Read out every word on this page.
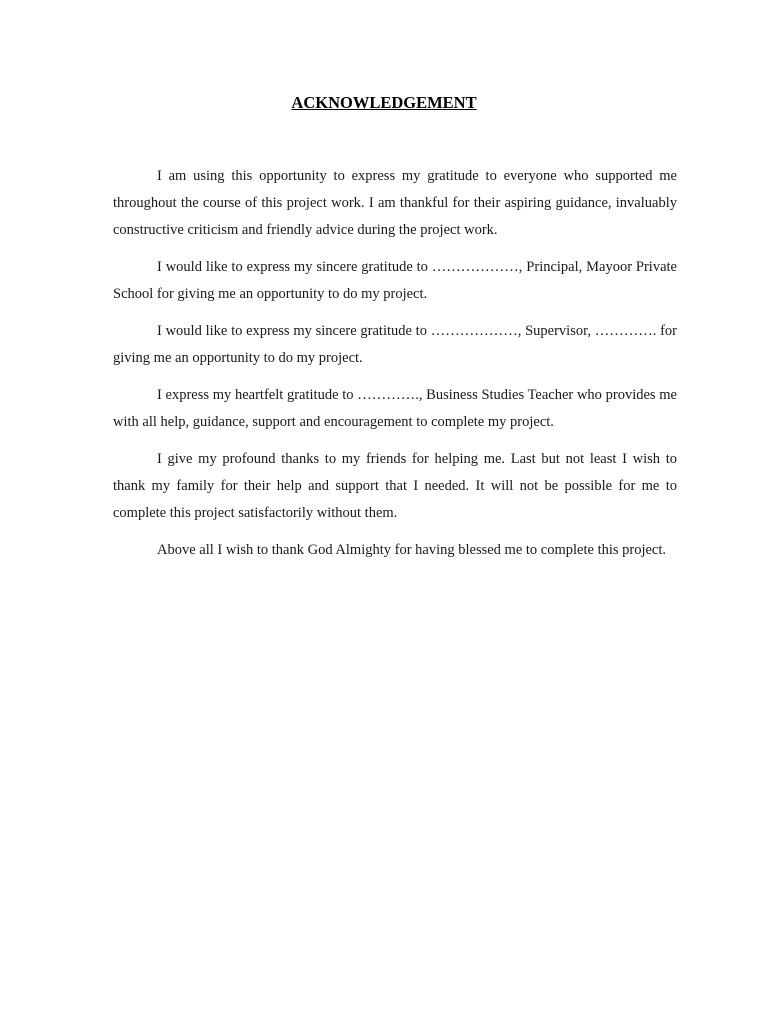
ACKNOWLEDGEMENT

I am using this opportunity to express my gratitude to everyone who supported me throughout the course of this project work. I am thankful for their aspiring guidance, invaluably constructive criticism and friendly advice during the project work.

I would like to express my sincere gratitude to ………………, Principal, Mayoor Private School for giving me an opportunity to do my project.

I would like to express my sincere gratitude to ………………, Supervisor, …………. for giving me an opportunity to do my project.

I express my heartfelt gratitude to …………., Business Studies Teacher who provides me with all help, guidance, support and encouragement to complete my project.

I give my profound thanks to my friends for helping me. Last but not least I wish to thank my family for their help and support that I needed. It will not be possible for me to complete this project satisfactorily without them.

Above all I wish to thank God Almighty for having blessed me to complete this project.
